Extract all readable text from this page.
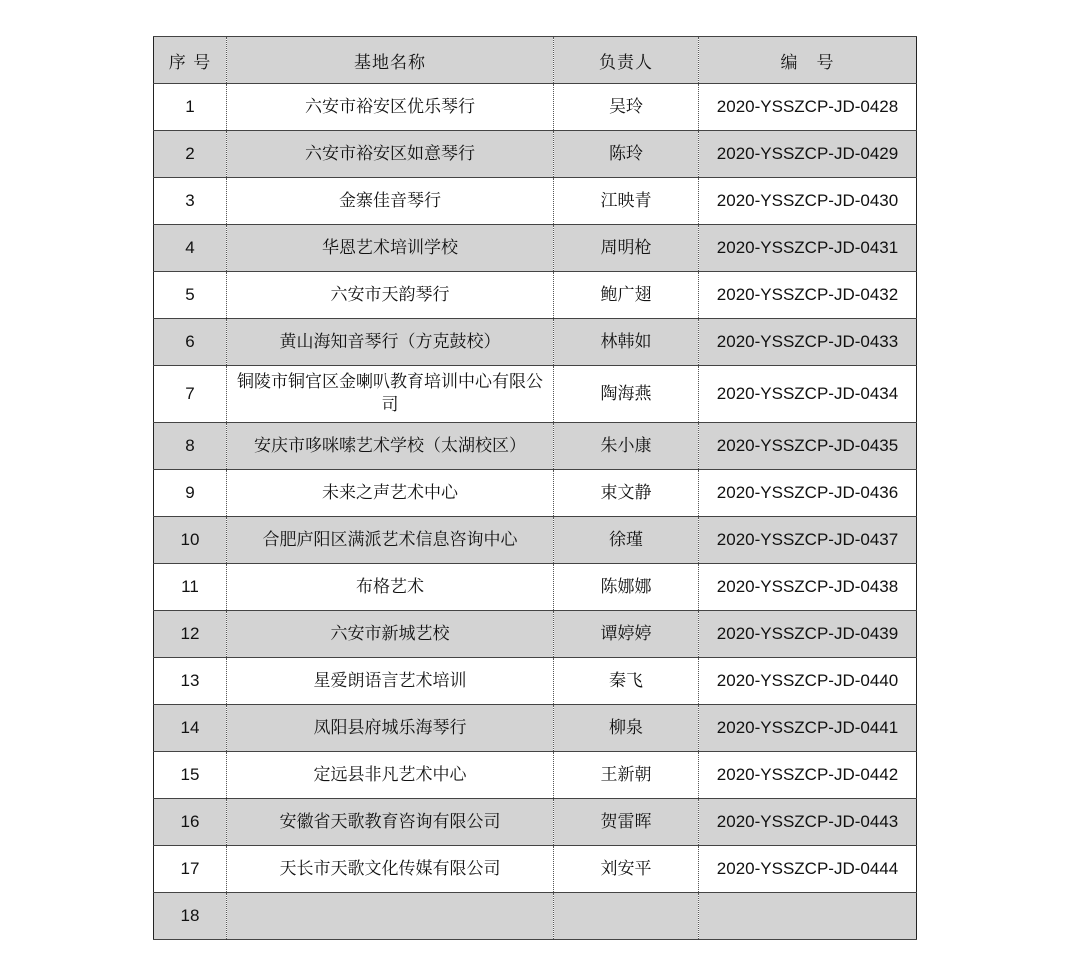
序 号	基地名称	负责人	编　号
1	六安市裕安区优乐琴行	吴玲	2020-YSSZCP-JD-0428
2	六安市裕安区如意琴行	陈玲	2020-YSSZCP-JD-0429
3	金寨佳音琴行	江映青	2020-YSSZCP-JD-0430
4	华恩艺术培训学校	周明枪	2020-YSSZCP-JD-0431
5	六安市天韵琴行	鲍广翅	2020-YSSZCP-JD-0432
6	黄山海知音琴行（方克鼓校）	林韩如	2020-YSSZCP-JD-0433
7	铜陵市铜官区金喇叭教育培训中心有限公司	陶海燕	2020-YSSZCP-JD-0434
8	安庆市哆咪嗦艺术学校（太湖校区）	朱小康	2020-YSSZCP-JD-0435
9	未来之声艺术中心	束文静	2020-YSSZCP-JD-0436
10	合肥庐阳区满派艺术信息咨询中心	徐瑾	2020-YSSZCP-JD-0437
11	布格艺术	陈娜娜	2020-YSSZCP-JD-0438
12	六安市新城艺校	谭婷婷	2020-YSSZCP-JD-0439
13	星爱朗语言艺术培训	秦飞	2020-YSSZCP-JD-0440
14	凤阳县府城乐海琴行	柳泉	2020-YSSZCP-JD-0441
15	定远县非凡艺术中心	王新朝	2020-YSSZCP-JD-0442
16	安徽省天歌教育咨询有限公司	贺雷晖	2020-YSSZCP-JD-0443
17	天长市天歌文化传媒有限公司	刘安平	2020-YSSZCP-JD-0444
18			
